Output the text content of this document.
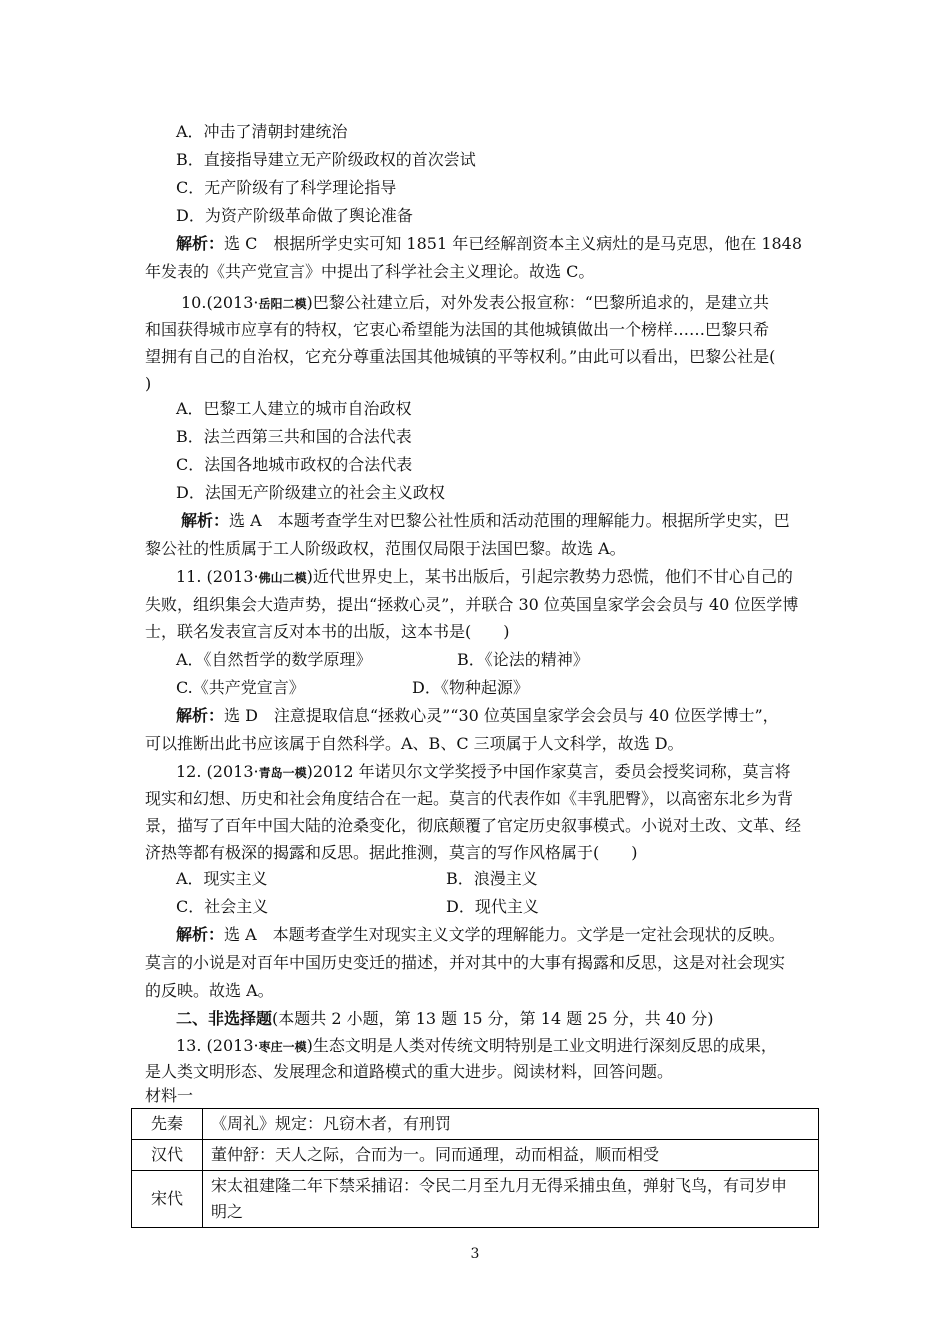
A．冲击了清朝封建统治
B．直接指导建立无产阶级政权的首次尝试
C．无产阶级有了科学理论指导
D．为资产阶级革命做了舆论准备
解析：选 C　根据所学史实可知 1851 年已经解剖资本主义病灶的是马克思，他在 1848
年发表的《共产党宣言》中提出了科学社会主义理论。故选 C。
10.(2013·岳阳二模)巴黎公社建立后，对外发表公报宣称：“巴黎所追求的，是建立共
和国获得城市应享有的特权，它衷心希望能为法国的其他城镇做出一个榜样……巴黎只希
望拥有自己的自治权，它充分尊重法国其他城镇的平等权利。”由此可以看出，巴黎公社是(
)
A．巴黎工人建立的城市自治政权
B．法兰西第三共和国的合法代表
C．法国各地城市政权的合法代表
D．法国无产阶级建立的社会主义政权
解析：选 A　本题考查学生对巴黎公社性质和活动范围的理解能力。根据所学史实，巴
黎公社的性质属于工人阶级政权，范围仅局限于法国巴黎。故选 A。
11. (2013·佛山二模)近代世界史上，某书出版后，引起宗教势力恐慌，他们不甘心自己的
失败，组织集会大造声势，提出“拯救心灵”，并联合 30 位英国皇家学会会员与 40 位医学博
士，联名发表宣言反对本书的出版，这本书是(　　)
A．《自然哲学的数学原理》	B．《论法的精神》
C.《共产党宣言》	D．《物种起源》
解析：选 D　注意提取信息“拯救心灵”“30 位英国皇家学会会员与 40 位医学博士”，
可以推断出此书应该属于自然科学。A、B、C 三项属于人文科学，故选 D。
12. (2013·青岛一模)2012 年诺贝尔文学奖授予中国作家莫言，委员会授奖词称，莫言将
现实和幻想、历史和社会角度结合在一起。莫言的代表作如《丰乳肥臀》，以高密东北乡为背
景，描写了百年中国大陆的沧桑变化，彻底颠覆了官定历史叙事模式。小说对土改、文革、经
济热等都有极深的揭露和反思。据此推测，莫言的写作风格属于(　　)
A．现实主义	B．浪漫主义
C．社会主义	D．现代主义
解析：选 A　本题考查学生对现实主义文学的理解能力。文学是一定社会现状的反映。
莫言的小说是对百年中国历史变迁的描述，并对其中的大事有揭露和反思，这是对社会现实
的反映。故选 A。
二、非选择题(本题共 2 小题，第 13 题 15 分，第 14 题 25 分，共 40 分)
13. (2013·枣庄一模)生态文明是人类对传统文明特别是工业文明进行深刻反思的成果，
是人类文明形态、发展理念和道路模式的重大进步。阅读材料，回答问题。
材料一
先秦	《周礼》规定：凡窃木者，有刑罚
汉代	董仲舒：天人之际，合而为一。同而通理，动而相益，顺而相受
宋代	宋太祖建隆二年下禁采捕诏：令民二月至九月无得采捕虫鱼，弹射飞鸟，有司岁申
明之
3
